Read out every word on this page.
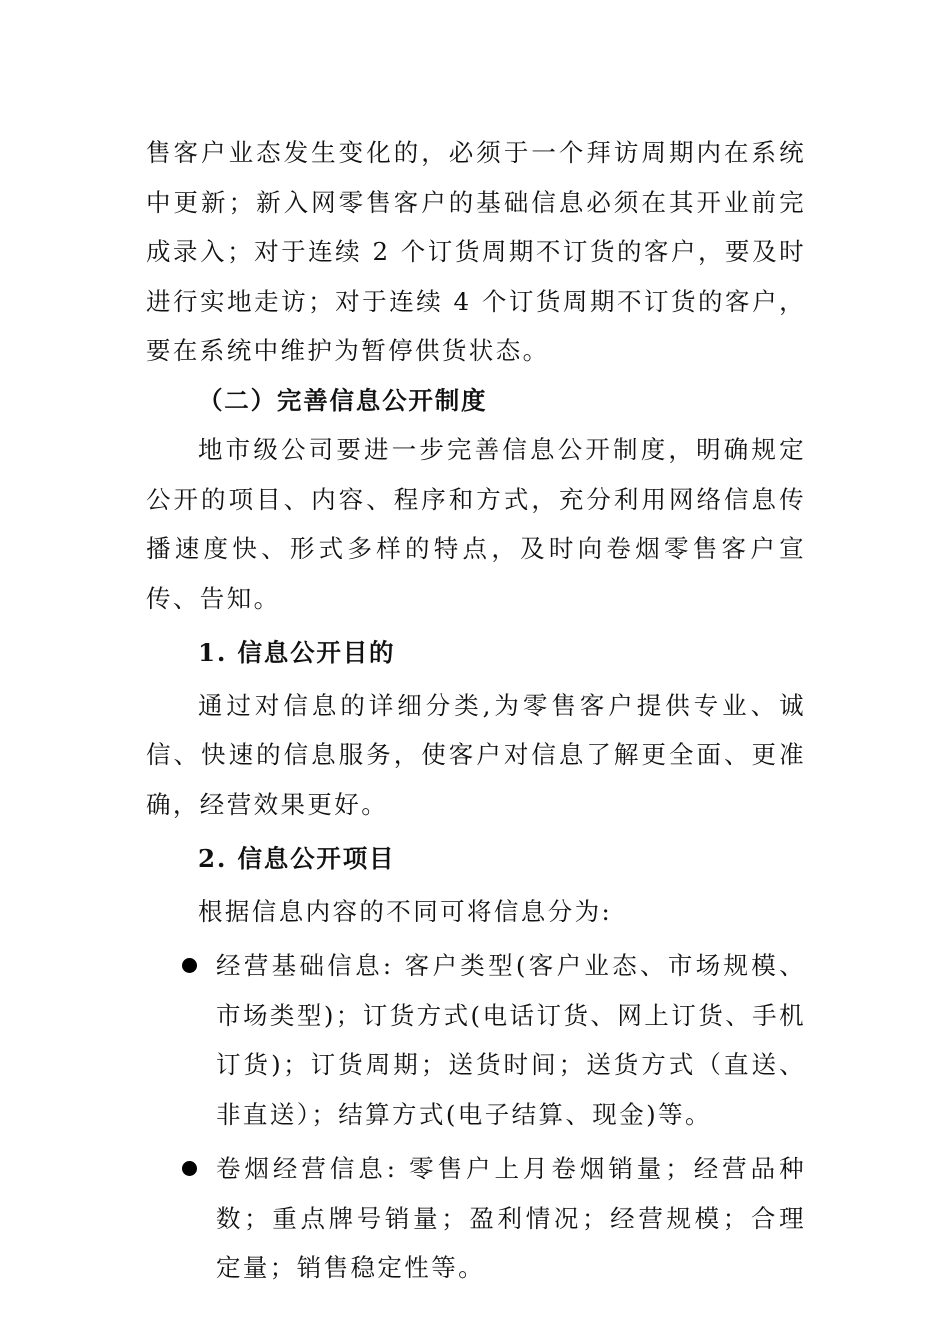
售客户业态发生变化的，必须于一个拜访周期内在系统中更新；新入网零售客户的基础信息必须在其开业前完成录入；对于连续 2 个订货周期不订货的客户，要及时进行实地走访；对于连续 4 个订货周期不订货的客户，要在系统中维护为暂停供货状态。

（二）完善信息公开制度

地市级公司要进一步完善信息公开制度，明确规定公开的项目、内容、程序和方式，充分利用网络信息传播速度快、形式多样的特点，及时向卷烟零售客户宣传、告知。

1. 信息公开目的

通过对信息的详细分类,为零售客户提供专业、诚信、快速的信息服务，使客户对信息了解更全面、更准确，经营效果更好。

2. 信息公开项目

根据信息内容的不同可将信息分为:

经营基础信息: 客户类型(客户业态、市场规模、市场类型)；订货方式(电话订货、网上订货、手机订货)；订货周期；送货时间；送货方式（直送、非直送）；结算方式(电子结算、现金)等。
卷烟经营信息: 零售户上月卷烟销量；经营品种数；重点牌号销量；盈利情况；经营规模；合理定量；销售稳定性等。
